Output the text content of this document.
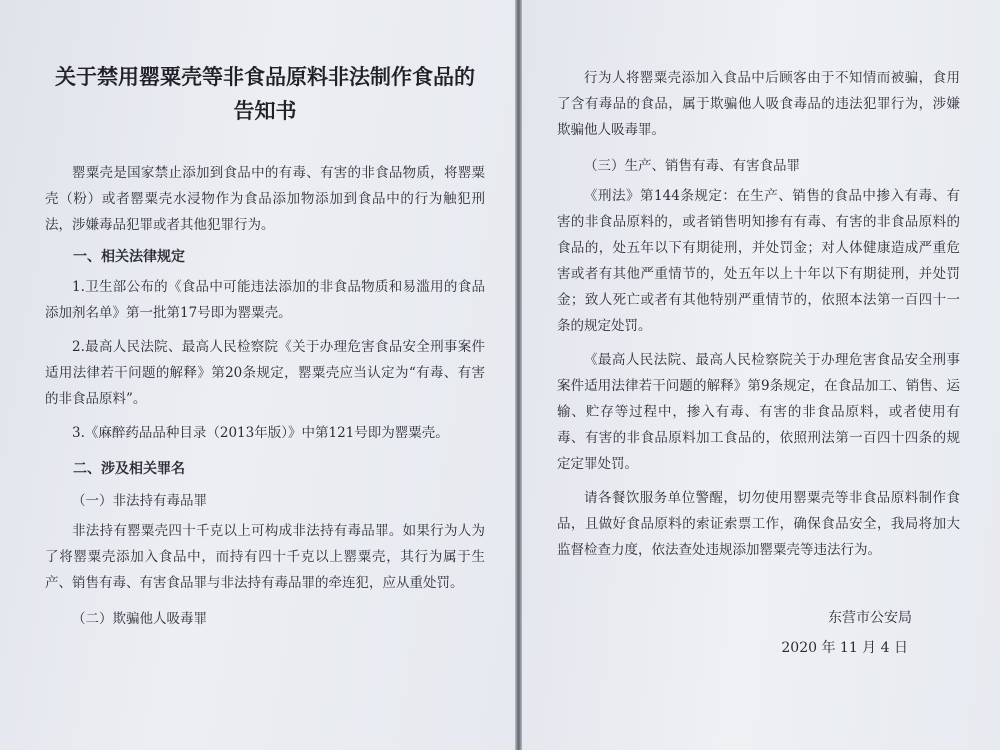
关于禁用罂粟壳等非食品原料非法制作食品的告知书

罂粟壳是国家禁止添加到食品中的有毒、有害的非食品物质，将罂粟壳（粉）或者罂粟壳水浸物作为食品添加物添加到食品中的行为触犯刑法，涉嫌毒品犯罪或者其他犯罪行为。

一、相关法律规定

1.卫生部公布的《食品中可能违法添加的非食品物质和易滥用的食品添加剂名单》第一批第17号即为罂粟壳。

2.最高人民法院、最高人民检察院《关于办理危害食品安全刑事案件适用法律若干问题的解释》第20条规定，罂粟壳应当认定为“有毒、有害的非食品原料”。

3.《麻醉药品品种目录（2013年版）》中第121号即为罂粟壳。

二、涉及相关罪名
（一）非法持有毒品罪

非法持有罂粟壳四十千克以上可构成非法持有毒品罪。如果行为人为了将罂粟壳添加入食品中，而持有四十千克以上罂粟壳，其行为属于生产、销售有毒、有害食品罪与非法持有毒品罪的牵连犯，应从重处罚。

（二）欺骗他人吸毒罪

行为人将罂粟壳添加入食品中后顾客由于不知情而被骗，食用了含有毒品的食品，属于欺骗他人吸食毒品的违法犯罪行为，涉嫌欺骗他人吸毒罪。

（三）生产、销售有毒、有害食品罪

《刑法》第144条规定：在生产、销售的食品中掺入有毒、有害的非食品原料的，或者销售明知掺有有毒、有害的非食品原料的食品的，处五年以下有期徒刑，并处罚金；对人体健康造成严重危害或者有其他严重情节的，处五年以上十年以下有期徒刑，并处罚金；致人死亡或者有其他特别严重情节的，依照本法第一百四十一条的规定处罚。

《最高人民法院、最高人民检察院关于办理危害食品安全刑事案件适用法律若干问题的解释》第9条规定，在食品加工、销售、运输、贮存等过程中，掺入有毒、有害的非食品原料，或者使用有毒、有害的非食品原料加工食品的，依照刑法第一百四十四条的规定定罪处罚。

请各餐饮服务单位警醒，切勿使用罂粟壳等非食品原料制作食品，且做好食品原料的索证索票工作，确保食品安全，我局将加大监督检查力度，依法查处违规添加罂粟壳等违法行为。

东营市公安局
2020 年 11 月 4 日
